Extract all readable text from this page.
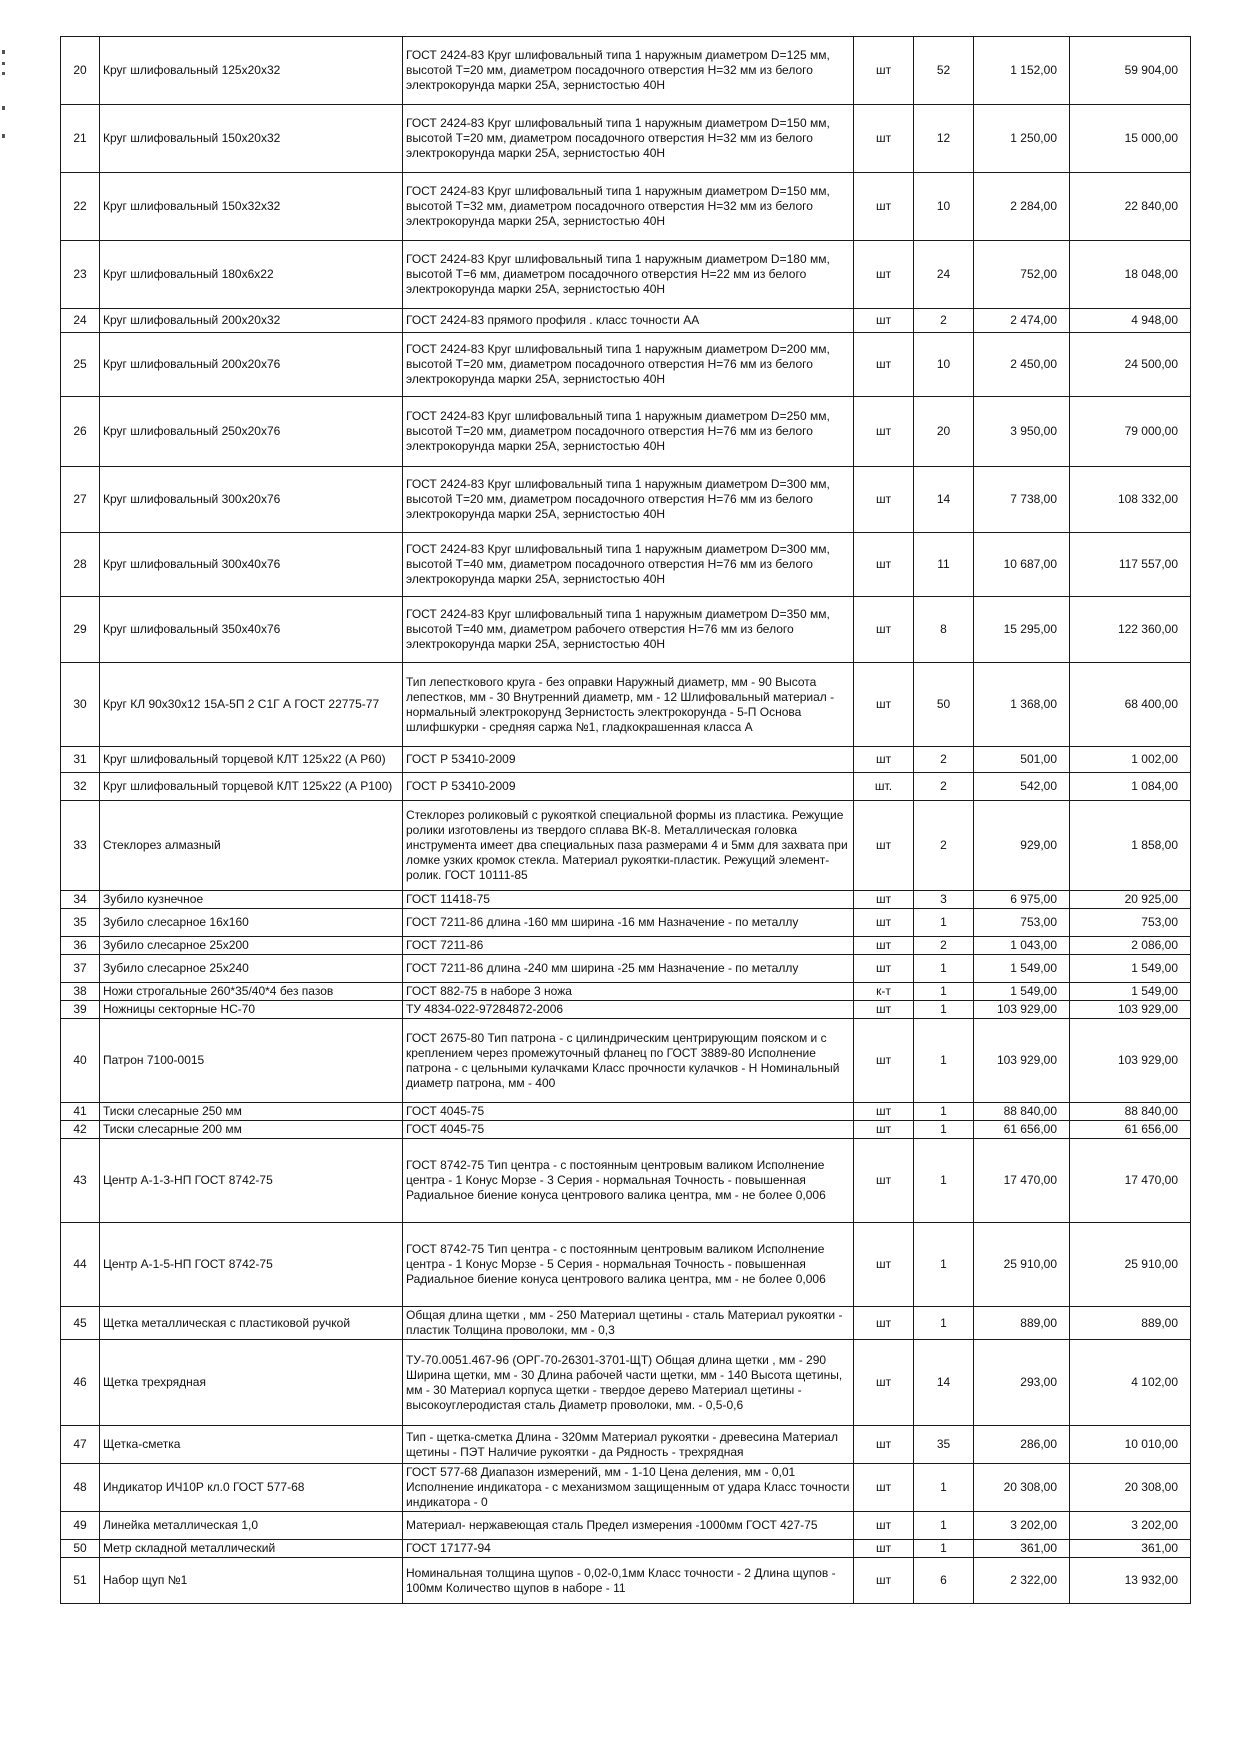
20	Круг шлифовальный 125х20х32	ГОСТ 2424-83 Круг шлифовальный типа 1 наружным диаметром D=125 мм, высотой Т=20 мм, диаметром посадочного отверстия Н=32 мм из белого электрокорунда марки 25А, зернистостью 40Н	шт	52	1 152,00	59 904,00
21	Круг шлифовальный 150х20х32	ГОСТ 2424-83 Круг шлифовальный типа 1 наружным диаметром D=150 мм, высотой Т=20 мм, диаметром посадочного отверстия Н=32 мм из белого электрокорунда марки 25А, зернистостью 40Н	шт	12	1 250,00	15 000,00
22	Круг шлифовальный 150х32х32	ГОСТ 2424-83 Круг шлифовальный типа 1 наружным диаметром D=150 мм, высотой Т=32 мм, диаметром посадочного отверстия Н=32 мм из белого электрокорунда марки 25А, зернистостью 40Н	шт	10	2 284,00	22 840,00
23	Круг шлифовальный 180х6х22	ГОСТ 2424-83 Круг шлифовальный типа 1 наружным диаметром D=180 мм, высотой Т=6 мм, диаметром посадочного отверстия Н=22 мм из белого электрокорунда марки 25А, зернистостью 40Н	шт	24	752,00	18 048,00
24	Круг шлифовальный 200х20х32	ГОСТ 2424-83 прямого профиля . класс точности АА	шт	2	2 474,00	4 948,00
25	Круг шлифовальный 200х20х76	ГОСТ 2424-83 Круг шлифовальный типа 1 наружным диаметром D=200 мм, высотой Т=20 мм, диаметром посадочного отверстия Н=76 мм из белого электрокорунда марки 25А, зернистостью 40Н	шт	10	2 450,00	24 500,00
26	Круг шлифовальный 250х20х76	ГОСТ 2424-83 Круг шлифовальный типа 1 наружным диаметром D=250 мм, высотой Т=20 мм, диаметром посадочного отверстия Н=76 мм из белого электрокорунда марки 25А, зернистостью 40Н	шт	20	3 950,00	79 000,00
27	Круг шлифовальный 300х20х76	ГОСТ 2424-83 Круг шлифовальный типа 1 наружным диаметром D=300 мм, высотой Т=20 мм, диаметром посадочного отверстия Н=76 мм из белого электрокорунда марки 25А, зернистостью 40Н	шт	14	7 738,00	108 332,00
28	Круг шлифовальный 300х40х76	ГОСТ 2424-83 Круг шлифовальный типа 1 наружным диаметром D=300 мм, высотой Т=40 мм, диаметром посадочного отверстия Н=76 мм из белого электрокорунда марки 25А, зернистостью 40Н	шт	11	10 687,00	117 557,00
29	Круг шлифовальный 350х40х76	ГОСТ 2424-83 Круг шлифовальный типа 1 наружным диаметром D=350 мм, высотой Т=40 мм, диаметром рабочего отверстия Н=76 мм из белого электрокорунда марки 25А, зернистостью 40Н	шт	8	15 295,00	122 360,00
30	Круг КЛ 90х30х12 15А-5П 2 С1Г А ГОСТ 22775-77	Тип лепесткового круга - без оправки Наружный диаметр, мм - 90 Высота лепестков, мм - 30 Внутренний диаметр, мм - 12 Шлифовальный материал - нормальный электрокорунд Зернистость электрокорунда - 5-П Основа шлифшкурки - средняя саржа №1, гладкокрашенная класса А	шт	50	1 368,00	68 400,00
31	Круг шлифовальный торцевой КЛТ 125х22 (А Р60)	ГОСТ Р 53410-2009	шт	2	501,00	1 002,00
32	Круг шлифовальный торцевой КЛТ 125х22 (А Р100)	ГОСТ Р 53410-2009	шт.	2	542,00	1 084,00
33	Стеклорез алмазный	Стеклорез роликовый с рукояткой специальной формы из пластика. Режущие ролики изготовлены из твердого сплава ВК-8. Металлическая головка инструмента имеет два специальных паза размерами 4 и 5мм для захвата при ломке узких кромок стекла. Материал рукоятки-пластик. Режущий элемент- ролик. ГОСТ 10111-85	шт	2	929,00	1 858,00
34	Зубило кузнечное	ГОСТ 11418-75	шт	3	6 975,00	20 925,00
35	Зубило слесарное 16х160	ГОСТ 7211-86 длина -160 мм ширина -16 мм Назначение - по металлу	шт	1	753,00	753,00
36	Зубило слесарное 25х200	ГОСТ 7211-86	шт	2	1 043,00	2 086,00
37	Зубило слесарное 25х240	ГОСТ 7211-86 длина -240 мм ширина -25 мм Назначение - по металлу	шт	1	1 549,00	1 549,00
38	Ножи строгальные 260*35/40*4 без пазов	ГОСТ 882-75 в наборе 3 ножа	к-т	1	1 549,00	1 549,00
39	Ножницы секторные НС-70	ТУ 4834-022-97284872-2006	шт	1	103 929,00	103 929,00
40	Патрон 7100-0015	ГОСТ 2675-80 Тип патрона - с цилиндрическим центрирующим пояском и с креплением через промежуточный фланец по ГОСТ 3889-80 Исполнение патрона - с цельными кулачками Класс прочности кулачков - Н Номинальный диаметр патрона, мм - 400	шт	1	103 929,00	103 929,00
41	Тиски слесарные 250 мм	ГОСТ 4045-75	шт	1	88 840,00	88 840,00
42	Тиски слесарные 200 мм	ГОСТ 4045-75	шт	1	61 656,00	61 656,00
43	Центр А-1-3-НП ГОСТ 8742-75	ГОСТ 8742-75 Тип центра - с постоянным центровым валиком Исполнение центра - 1 Конус Морзе - 3 Серия - нормальная Точность - повышенная Радиальное биение конуса центрового валика центра, мм - не более 0,006	шт	1	17 470,00	17 470,00
44	Центр А-1-5-НП ГОСТ 8742-75	ГОСТ 8742-75 Тип центра - с постоянным центровым валиком Исполнение центра - 1 Конус Морзе - 5 Серия - нормальная Точность - повышенная Радиальное биение конуса центрового валика центра, мм - не более 0,006	шт	1	25 910,00	25 910,00
45	Щетка металлическая с пластиковой ручкой	Общая длина щетки , мм - 250 Материал щетины - сталь Материал рукоятки - пластик Толщина проволоки, мм - 0,3	шт	1	889,00	889,00
46	Щетка трехрядная	ТУ-70.0051.467-96 (ОРГ-70-26301-3701-ЩТ) Общая длина щетки , мм - 290 Ширина щетки, мм - 30 Длина рабочей части щетки, мм - 140 Высота щетины, мм - 30 Материал корпуса щетки - твердое дерево Материал щетины - высокоуглеродистая сталь Диаметр проволоки, мм. - 0,5-0,6	шт	14	293,00	4 102,00
47	Щетка-сметка	Тип - щетка-сметка Длина - 320мм Материал рукоятки - древесина Материал щетины - ПЭТ Наличие рукоятки - да Рядность - трехрядная	шт	35	286,00	10 010,00
48	Индикатор ИЧ10Р кл.0 ГОСТ 577-68	ГОСТ 577-68 Диапазон измерений, мм - 1-10 Цена деления, мм - 0,01 Исполнение индикатора - с механизмом защищенным от удара Класс точности индикатора - 0	шт	1	20 308,00	20 308,00
49	Линейка металлическая 1,0	Материал- нержавеющая сталь Предел измерения -1000мм ГОСТ 427-75	шт	1	3 202,00	3 202,00
50	Метр складной металлический	ГОСТ 17177-94	шт	1	361,00	361,00
51	Набор щуп №1	Номинальная толщина щупов - 0,02-0,1мм Класс точности - 2 Длина щупов - 100мм Количество щупов в наборе - 11	шт	6	2 322,00	13 932,00
